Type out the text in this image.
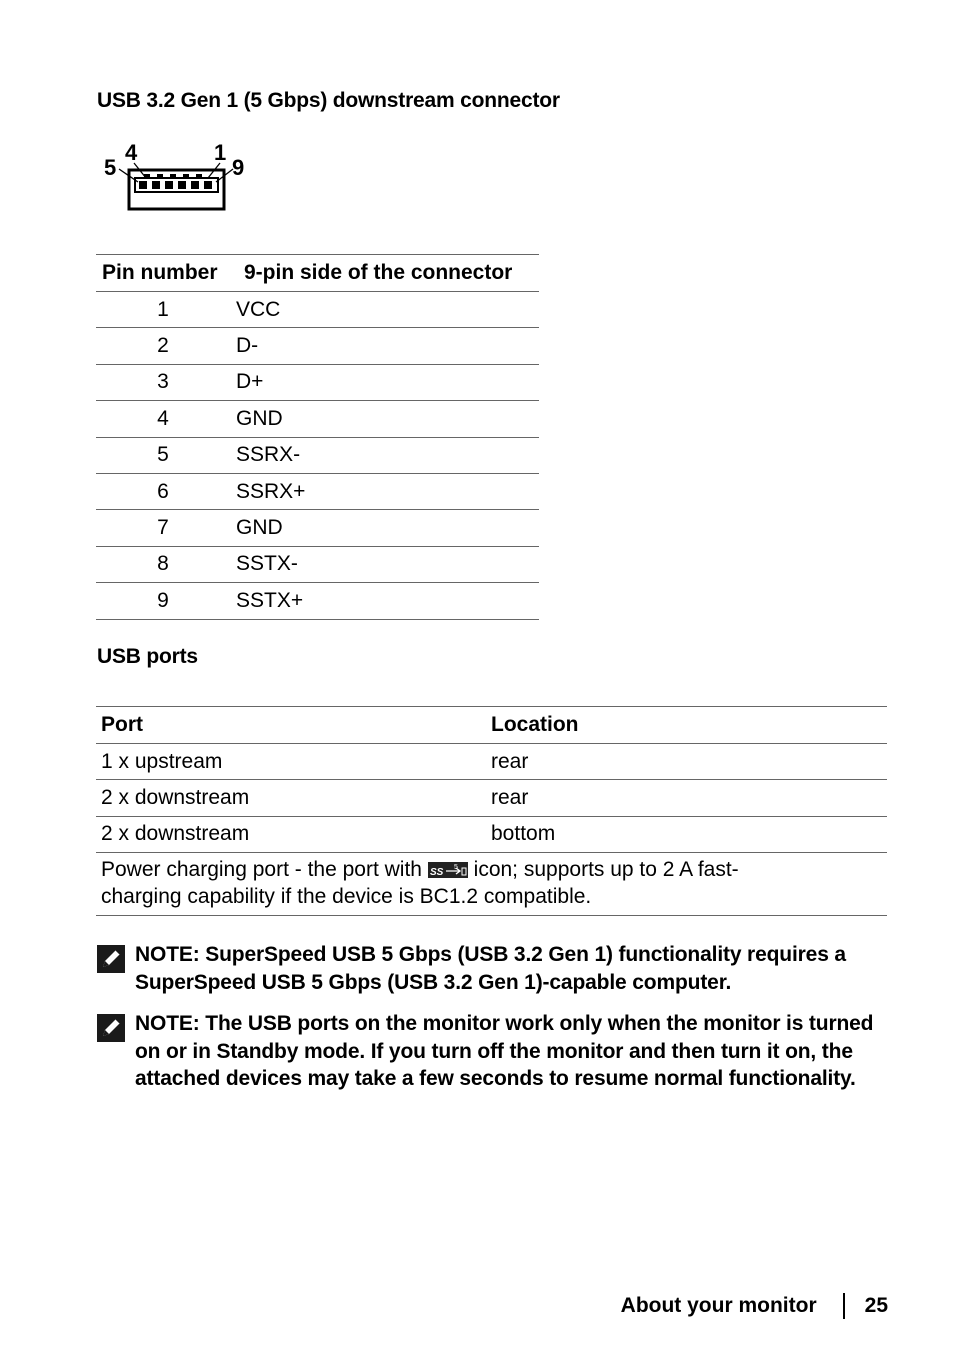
USB 3.2 Gen 1 (5 Gbps) downstream connector
5
4	1
9
Pin number	9-pin side of the connector
1	VCC
2	D-
3	D+
4	GND
5	SSRX-
6	SSRX+
7	GND
8	SSTX-
9	SSTX+
USB ports
Port	Location
1 x upstream	rear
2 x downstream	rear
2 x downstream	bottom
Power charging port - the port with SS 5 icon; supports up to 2 A fast-charging capability if the device is BC1.2 compatible.	

NOTE: SuperSpeed USB 5 Gbps (USB 3.2 Gen 1) functionality requires a SuperSpeed USB 5 Gbps (USB 3.2 Gen 1)-capable computer.

NOTE: The USB ports on the monitor work only when the monitor is turned on or in Standby mode. If you turn off the monitor and then turn it on, the attached devices may take a few seconds to resume normal functionality.

About your monitor 25
